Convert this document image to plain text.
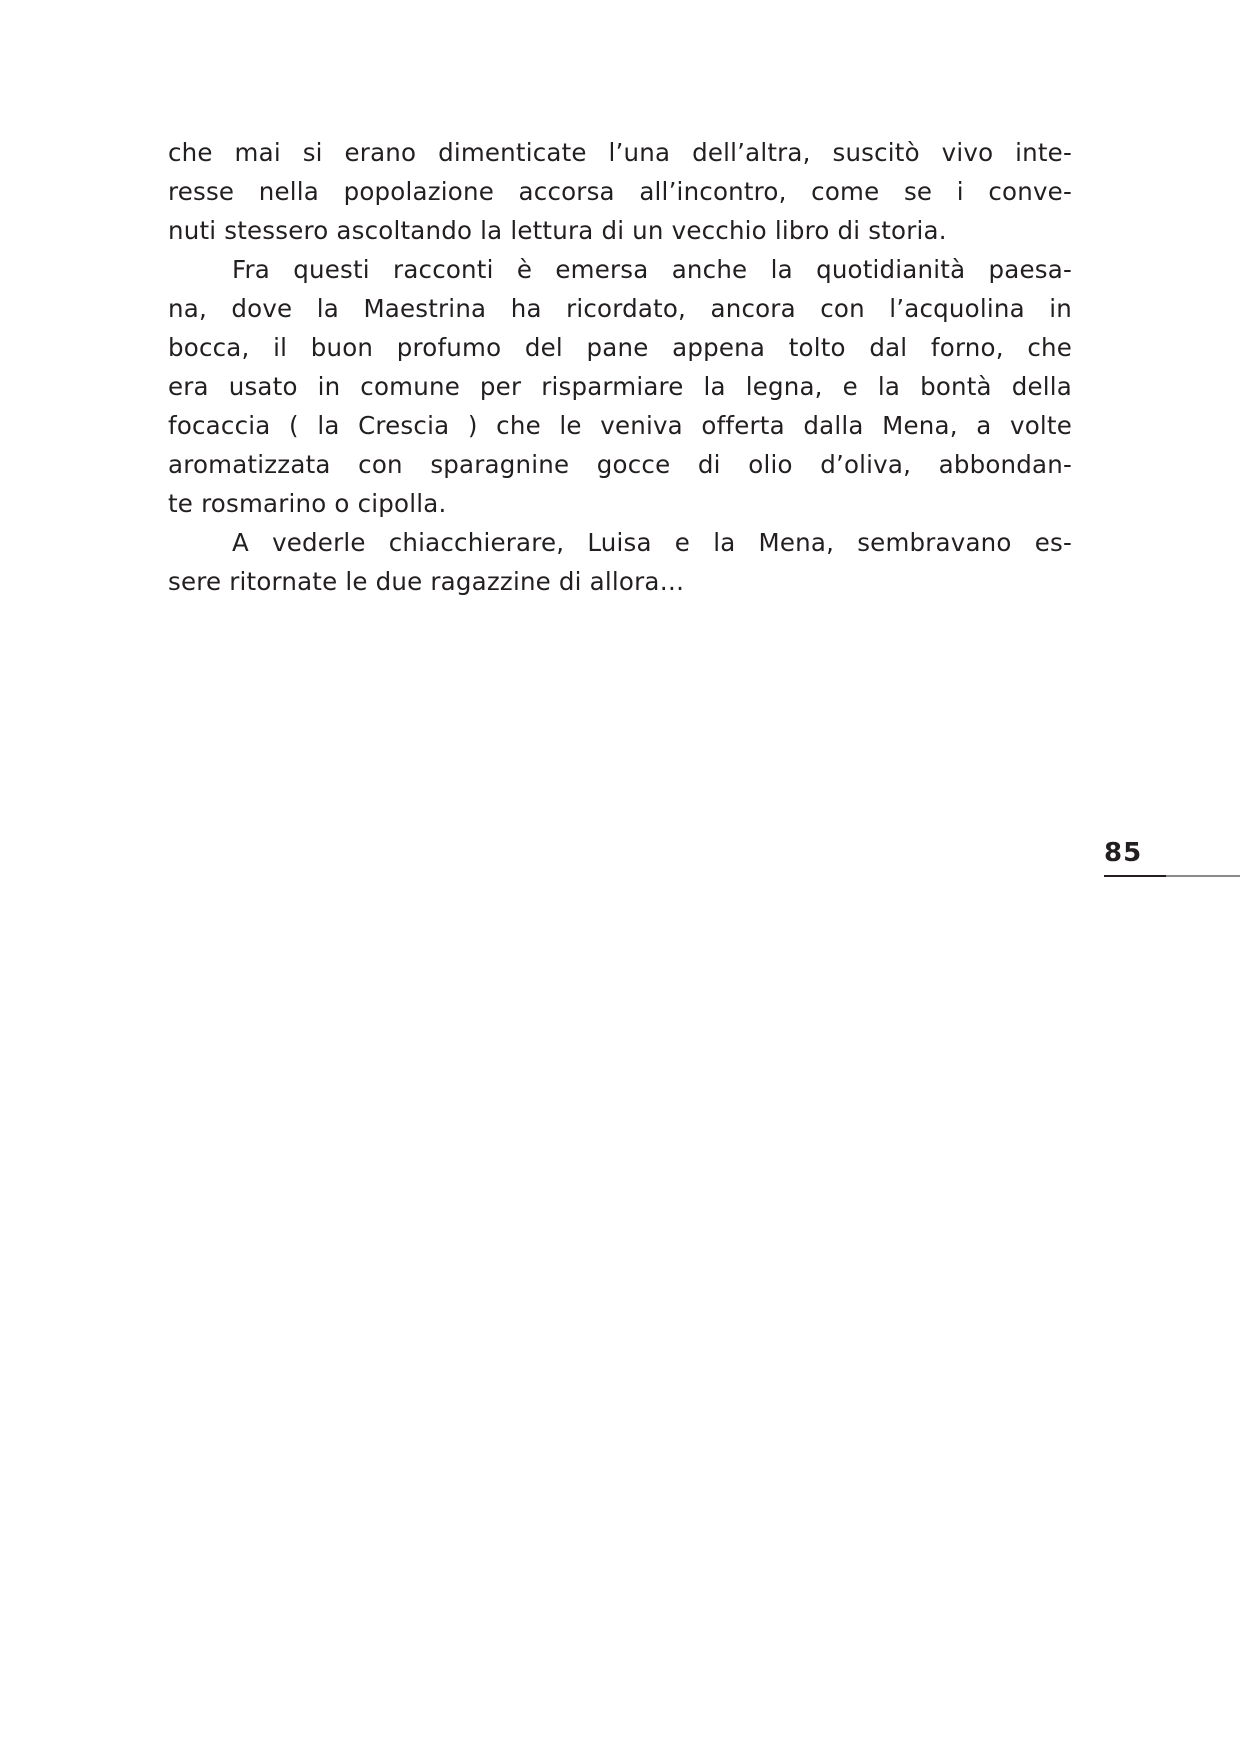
che mai si erano dimenticate l’una dell’altra, suscitò vivo inte-
resse nella popolazione accorsa all’incontro, come se i conve-
nuti stessero ascoltando la lettura di un vecchio libro di storia.
Fra questi racconti è emersa anche la quotidianità paesa-
na, dove la Maestrina ha ricordato, ancora con l’acquolina in
bocca, il buon profumo del pane appena tolto dal forno, che
era usato in comune per risparmiare la legna, e la bontà della
focaccia ( la Crescia ) che le veniva offerta dalla Mena, a volte
aromatizzata con sparagnine gocce di olio d’oliva, abbondan-
te rosmarino o cipolla.
A vederle chiacchierare, Luisa e la Mena, sembravano es-
sere ritornate le due ragazzine di allora…
85
